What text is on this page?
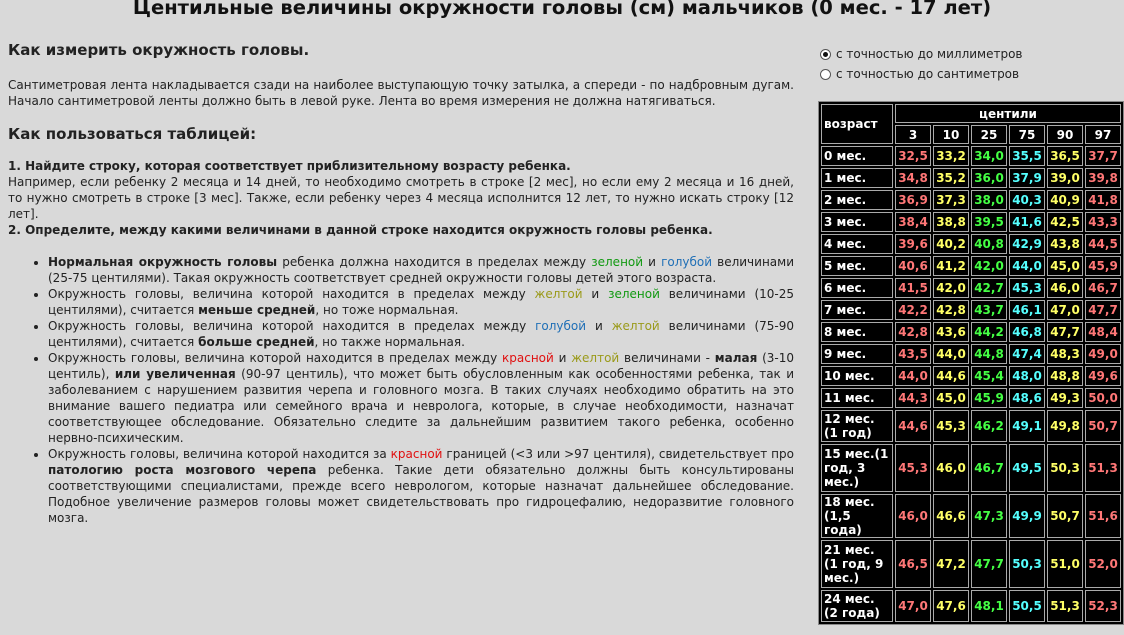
Центильные величины окружности головы (см) мальчиков (0 мес. - 17 лет)
Как измерить окружность головы.

Сантиметровая лента накладывается сзади на наиболее выступающую точку затылка, а спереди - по надбровным дугам. Начало сантиметровой ленты должно быть в левой руке. Лента во время измерения не должна натягиваться.

Как пользоваться таблицей:

1. Найдите строку, которая соответствует приблизительному возрасту ребенка.
Например, если ребенку 2 месяца и 14 дней, то необходимо смотреть в строке [2 мес], но если ему 2 месяца и 16 дней, то нужно смотреть в строке [3 мес]. Также, если ребенку через 4 месяца исполнится 12 лет, то нужно искать строку [12 лет].
2. Определите, между какими величинами в данной строке находится окружность головы ребенка.

• Нормальная окружность головы ребенка должна находится в пределах между зеленой и голубой величинами (25-75 центилями). Такая окружность соответствует средней окружности головы детей этого возраста.
• Окружность головы, величина которой находится в пределах между желтой и зеленой величинами (10-25 центилями), считается меньше средней, но тоже нормальная.
• Окружность головы, величина которой находится в пределах между голубой и желтой величинами (75-90 центилями), считается больше средней, но также нормальная.
• Окружность головы, величина которой находится в пределах между красной и желтой величинами - малая (3-10 центиль), или увеличенная (90-97 центиль), что может быть обусловленным как особенностями ребенка, так и заболеванием с нарушением развития черепа и головного мозга. В таких случаях необходимо обратить на это внимание вашего педиатра или семейного врача и невролога, которые, в случае необходимости, назначат соответствующее обследование. Обязательно следите за дальнейшим развитием такого ребенка, особенно нервно-психическим.
• Окружность головы, величина которой находится за красной границей (<3 или >97 центиля), свидетельствует про патологию роста мозгового черепа ребенка. Такие дети обязательно должны быть консультированы соответствующими специалистами, прежде всего неврологом, которые назначат дальнейшее обследование. Подобное увеличение размеров головы может свидетельствовать про гидроцефалию, недоразвитие головного мозга.
с точностью до миллиметров
с точностью до сантиметров
возраст	центили					
	3	10	25	75	90	97
0 мес.	32,5	33,2	34,0	35,5	36,5	37,7
1 мес.	34,8	35,2	36,0	37,9	39,0	39,8
2 мес.	36,9	37,3	38,0	40,3	40,9	41,8
3 мес.	38,4	38,8	39,5	41,6	42,5	43,3
4 мес.	39,6	40,2	40,8	42,9	43,8	44,5
5 мес.	40,6	41,2	42,0	44,0	45,0	45,9
6 мес.	41,5	42,0	42,7	45,3	46,0	46,7
7 мес.	42,2	42,8	43,7	46,1	47,0	47,7
8 мес.	42,8	43,6	44,2	46,8	47,7	48,4
9 мес.	43,5	44,0	44,8	47,4	48,3	49,0
10 мес.	44,0	44,6	45,4	48,0	48,8	49,6
11 мес.	44,3	45,0	45,9	48,6	49,3	50,0
12 мес. (1 год)	44,6	45,3	46,2	49,1	49,8	50,7
15 мес.(1 год, 3 мес.)	45,3	46,0	46,7	49,5	50,3	51,3
18 мес. (1,5 года)	46,0	46,6	47,3	49,9	50,7	51,6
21 мес. (1 год, 9 мес.)	46,5	47,2	47,7	50,3	51,0	52,0
24 мес. (2 года)	47,0	47,6	48,1	50,5	51,3	52,3
